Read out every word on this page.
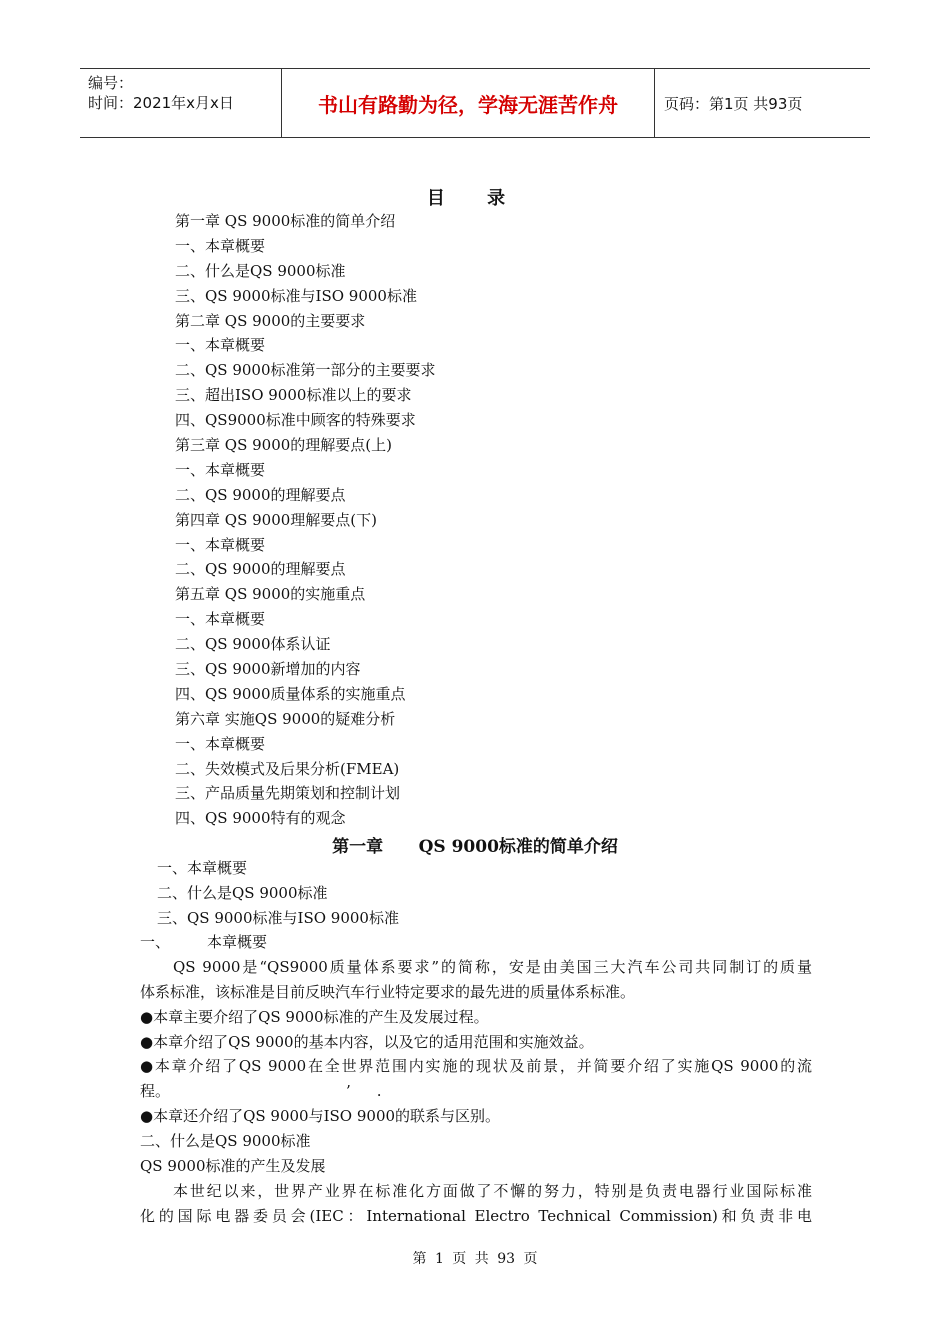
编号：
时间：2021年x月x日	书山有路勤为径，学海无涯苦作舟	页码：第1页 共93页
目 录
第一章 QS 9000标准的简单介绍
一、本章概要
二、什么是QS 9000标准
三、QS 9000标准与ISO 9000标准
第二章 QS 9000的主要要求
一、本章概要
二、QS 9000标准第一部分的主要要求
三、超出ISO 9000标准以上的要求
四、QS9000标准中顾客的特殊要求
第三章 QS 9000的理解要点(上)
一、本章概要
二、QS 9000的理解要点
第四章 QS 9000理解要点(下)
一、本章概要
二、QS 9000的理解要点
第五章 QS 9000的实施重点
一、本章概要
二、QS 9000体系认证
三、QS 9000新增加的内容
四、QS 9000质量体系的实施重点
第六章 实施QS 9000的疑难分析
一、本章概要
二、失效模式及后果分析(FMEA)
三、产品质量先期策划和控制计划
四、QS 9000特有的观念
第一章      QS 9000标准的简单介绍
一、本章概要
二、什么是QS 9000标准
三、QS 9000标准与ISO 9000标准
一、 本章概要
QS 9000是“QS9000质量体系要求”的简称，安是由美国三大汽车公司共同制订的质量
体系标准，该标准是目前反映汽车行业特定要求的最先进的质量体系标准。
●本章主要介绍了QS 9000标准的产生及发展过程。
●本章介绍了QS 9000的基本内容，以及它的适用范围和实施效益。
●本章介绍了QS 9000在全世界范围内实施的现状及前景，并简要介绍了实施QS 9000的流
程。	’ .
●本章还介绍了QS 9000与ISO 9000的联系与区别。
二、什么是QS 9000标准
QS 9000标准的产生及发展
本世纪以来，世界产业界在标准化方面做了不懈的努力，特别是负责电器行业国际标准
化的国际电器委员会(IEC：International Electro Technical Commission)和负责非电
第 1 页 共 93 页
